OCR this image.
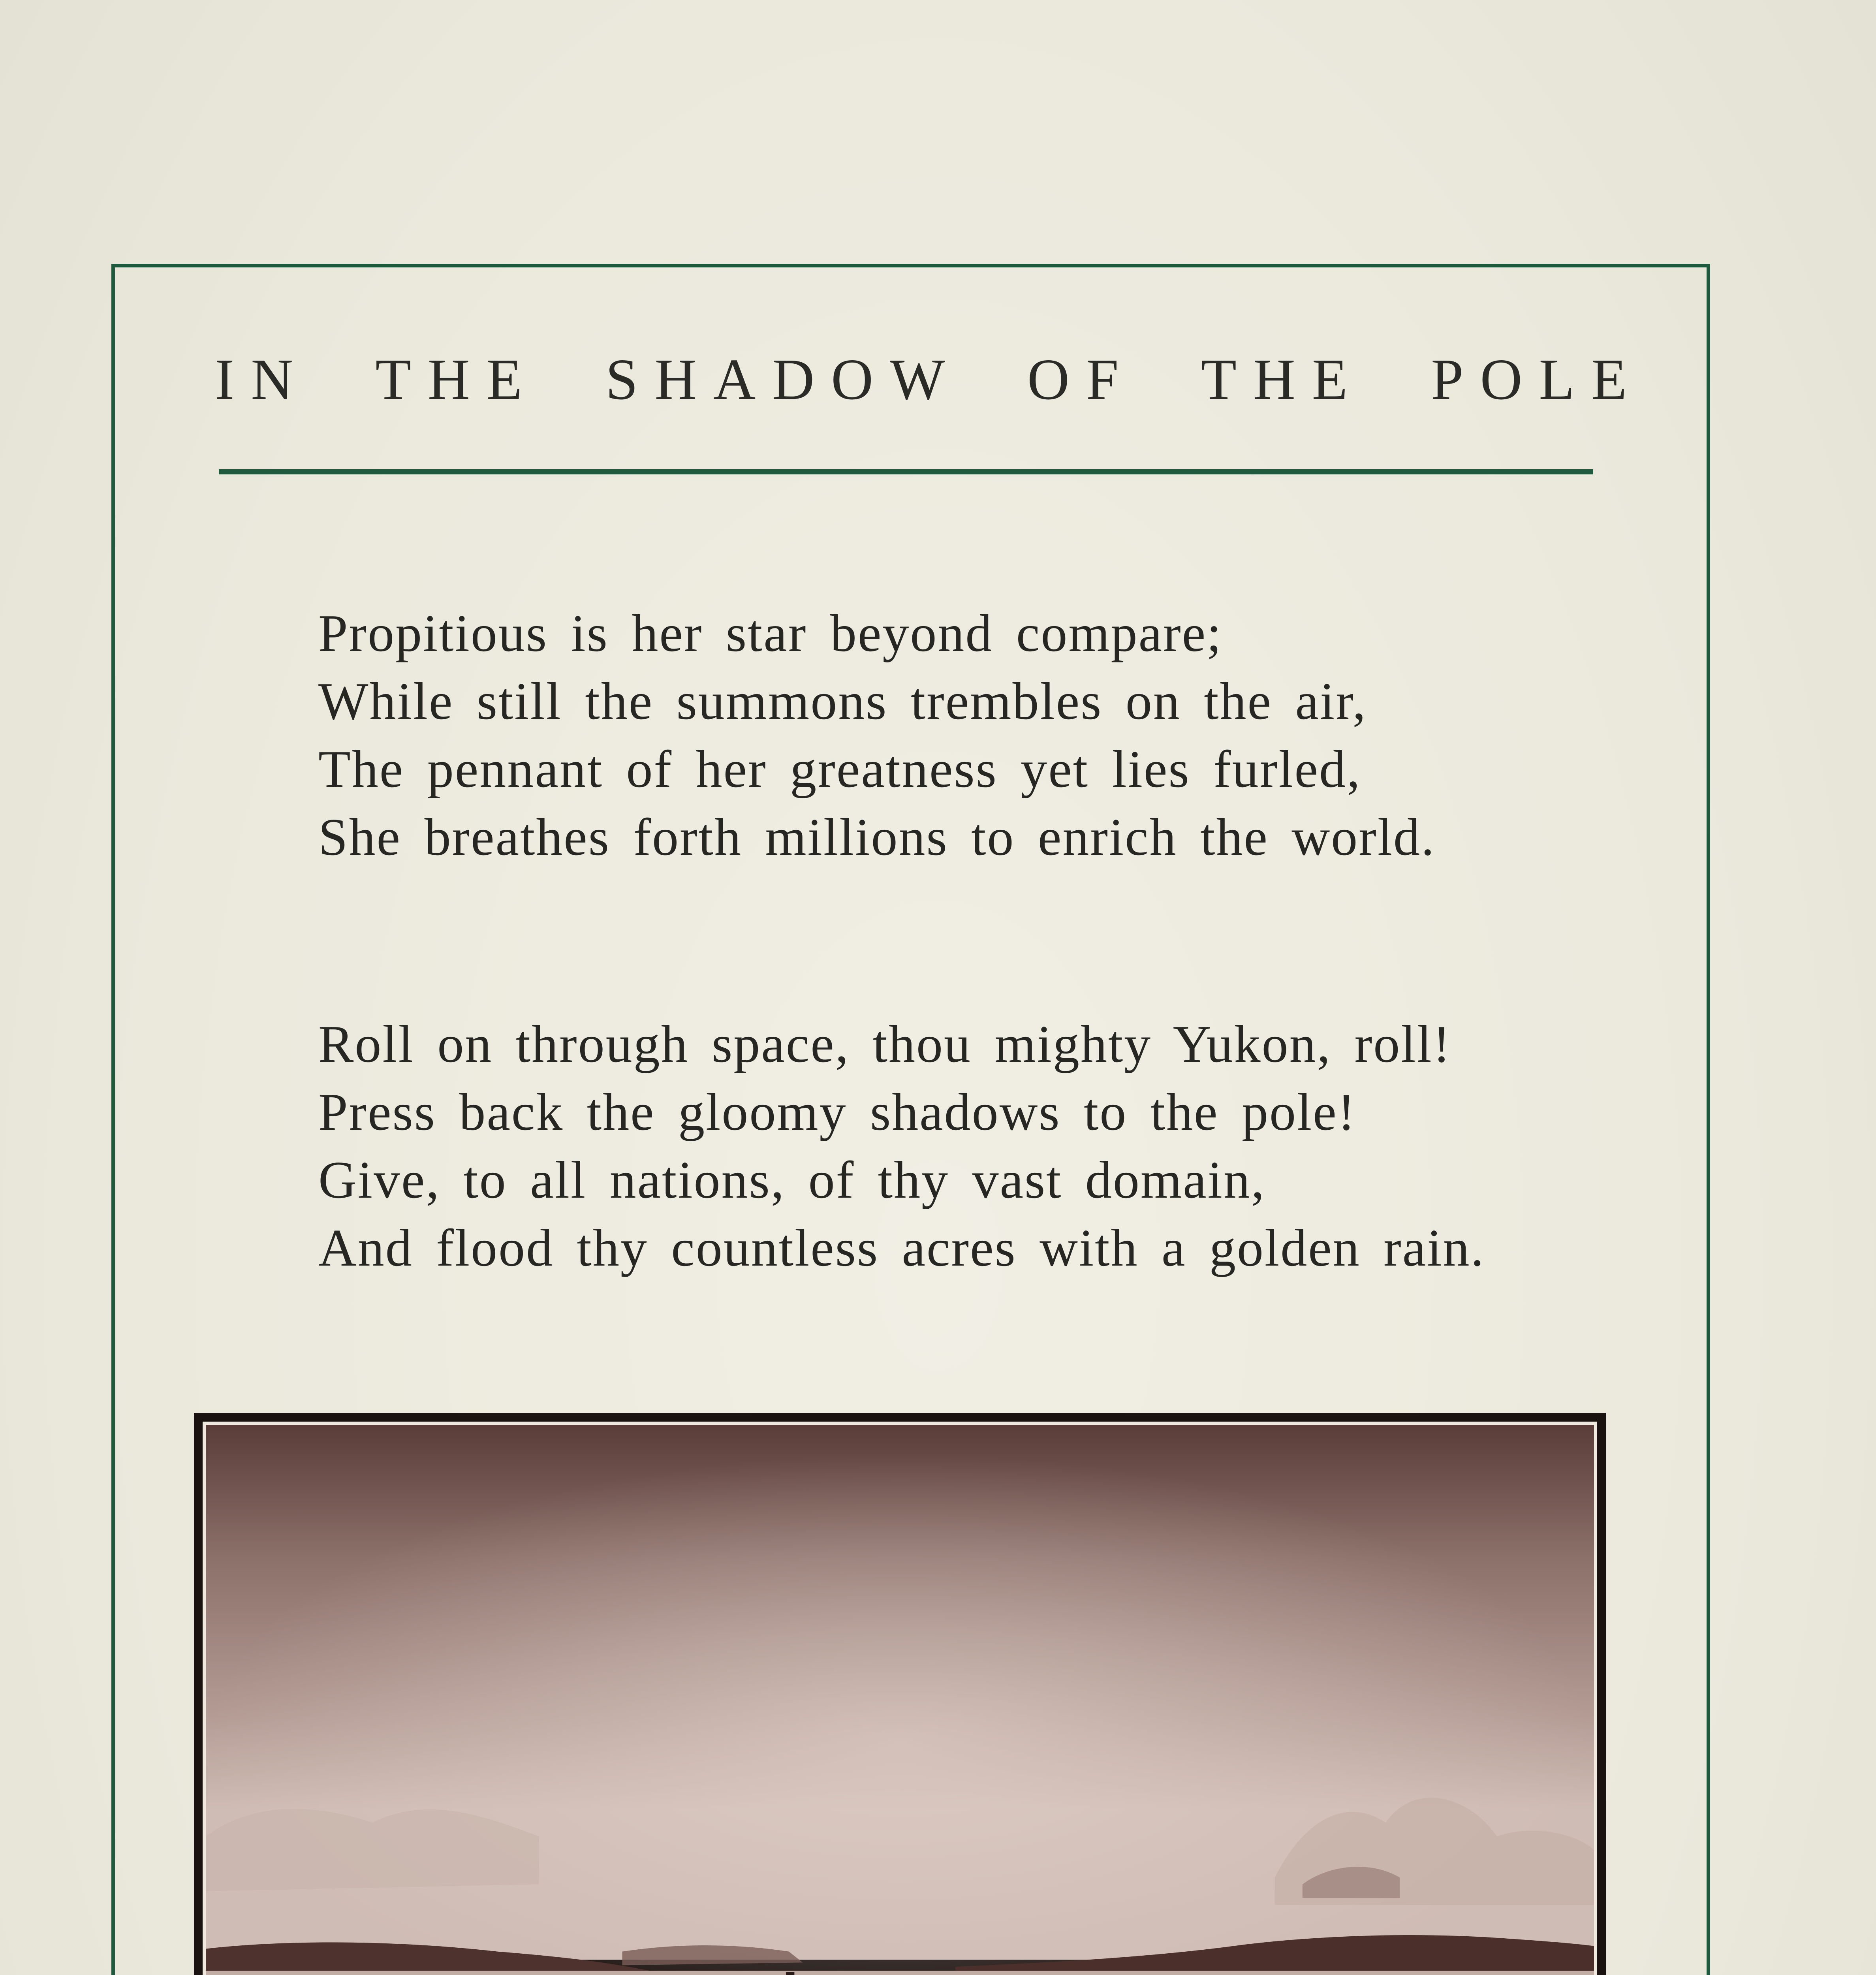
IN THE SHADOW OF THE POLE
Propitious is her star beyond compare;
While still the summons trembles on the air,
The pennant of her greatness yet lies furled,
She breathes forth millions to enrich the world.
Roll on through space, thou mighty Yukon, roll!
Press back the gloomy shadows to the pole!
Give, to all nations, of thy vast domain,
And flood thy countless acres with a golden rain.
